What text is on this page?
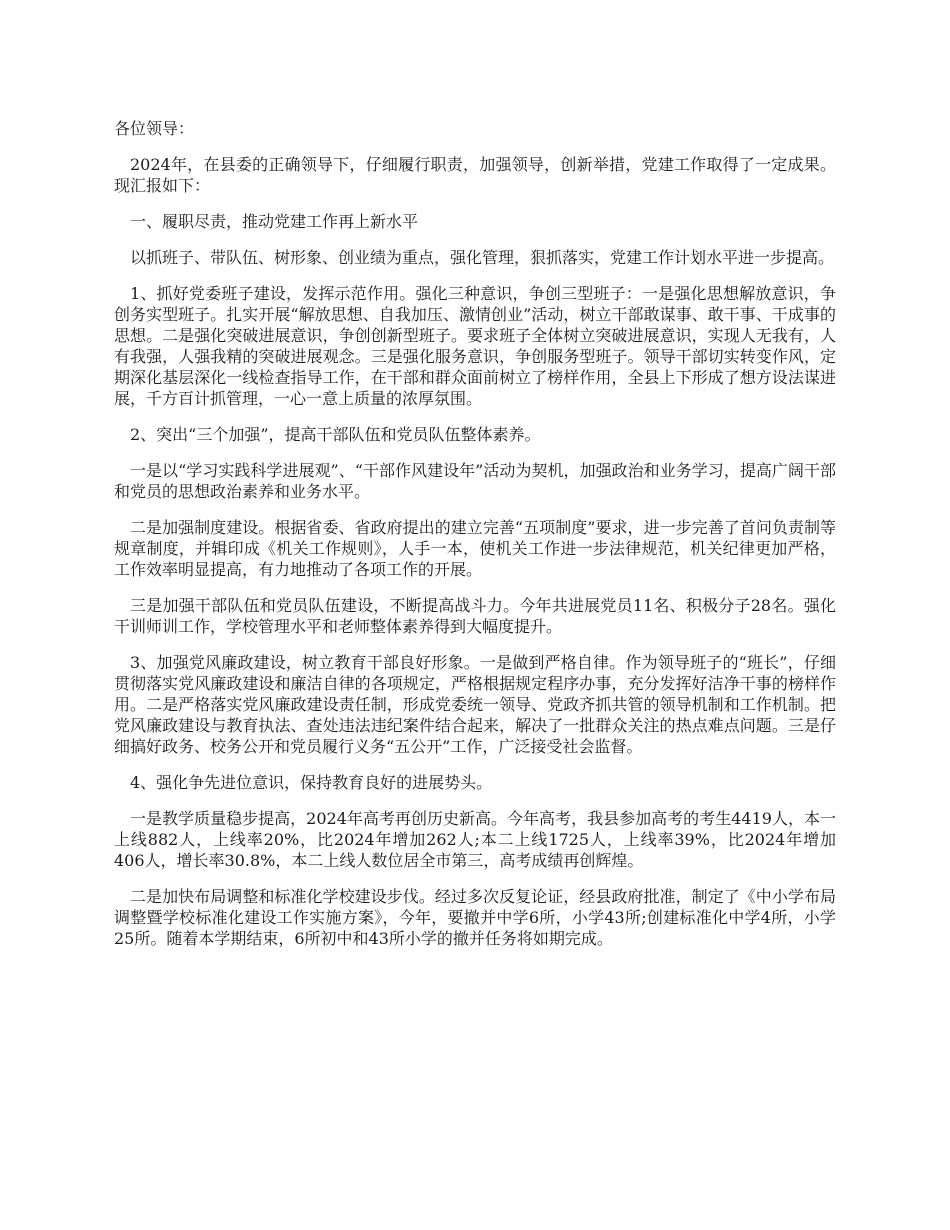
各位领导：

2024年，在县委的正确领导下，仔细履行职责，加强领导，创新举措，党建工作取得了一定成果。现汇报如下：

一、履职尽责，推动党建工作再上新水平

以抓班子、带队伍、树形象、创业绩为重点，强化管理，狠抓落实，党建工作计划水平进一步提高。

1、抓好党委班子建设，发挥示范作用。强化三种意识，争创三型班子：一是强化思想解放意识，争创务实型班子。扎实开展“解放思想、自我加压、激情创业”活动，树立干部敢谋事、敢干事、干成事的思想。二是强化突破进展意识，争创创新型班子。要求班子全体树立突破进展意识，实现人无我有，人有我强，人强我精的突破进展观念。三是强化服务意识，争创服务型班子。领导干部切实转变作风，定期深化基层深化一线检查指导工作，在干部和群众面前树立了榜样作用，全县上下形成了想方设法谋进展，千方百计抓管理，一心一意上质量的浓厚氛围。

2、突出“三个加强”，提高干部队伍和党员队伍整体素养。

一是以“学习实践科学进展观”、“干部作风建设年”活动为契机，加强政治和业务学习，提高广阔干部和党员的思想政治素养和业务水平。

二是加强制度建设。根据省委、省政府提出的建立完善“五项制度”要求，进一步完善了首问负责制等规章制度，并辑印成《机关工作规则》，人手一本，使机关工作进一步法律规范，机关纪律更加严格，工作效率明显提高，有力地推动了各项工作的开展。

三是加强干部队伍和党员队伍建设，不断提高战斗力。今年共进展党员11名、积极分子28名。强化干训师训工作，学校管理水平和老师整体素养得到大幅度提升。

3、加强党风廉政建设，树立教育干部良好形象。一是做到严格自律。作为领导班子的“班长”，仔细贯彻落实党风廉政建设和廉洁自律的各项规定，严格根据规定程序办事，充分发挥好洁净干事的榜样作用。二是严格落实党风廉政建设责任制，形成党委统一领导、党政齐抓共管的领导机制和工作机制。把党风廉政建设与教育执法、查处违法违纪案件结合起来，解决了一批群众关注的热点难点问题。三是仔细搞好政务、校务公开和党员履行义务“五公开”工作，广泛接受社会监督。

4、强化争先进位意识，保持教育良好的进展势头。

一是教学质量稳步提高，2024年高考再创历史新高。今年高考，我县参加高考的考生4419人，本一上线882人，上线率20%，比2024年增加262人;本二上线1725人，上线率39%，比2024年增加406人，增长率30.8%，本二上线人数位居全市第三，高考成绩再创辉煌。

二是加快布局调整和标准化学校建设步伐。经过多次反复论证，经县政府批准，制定了《中小学布局调整暨学校标准化建设工作实施方案》，今年，要撤并中学6所，小学43所;创建标准化中学4所，小学25所。随着本学期结束，6所初中和43所小学的撤并任务将如期完成。
